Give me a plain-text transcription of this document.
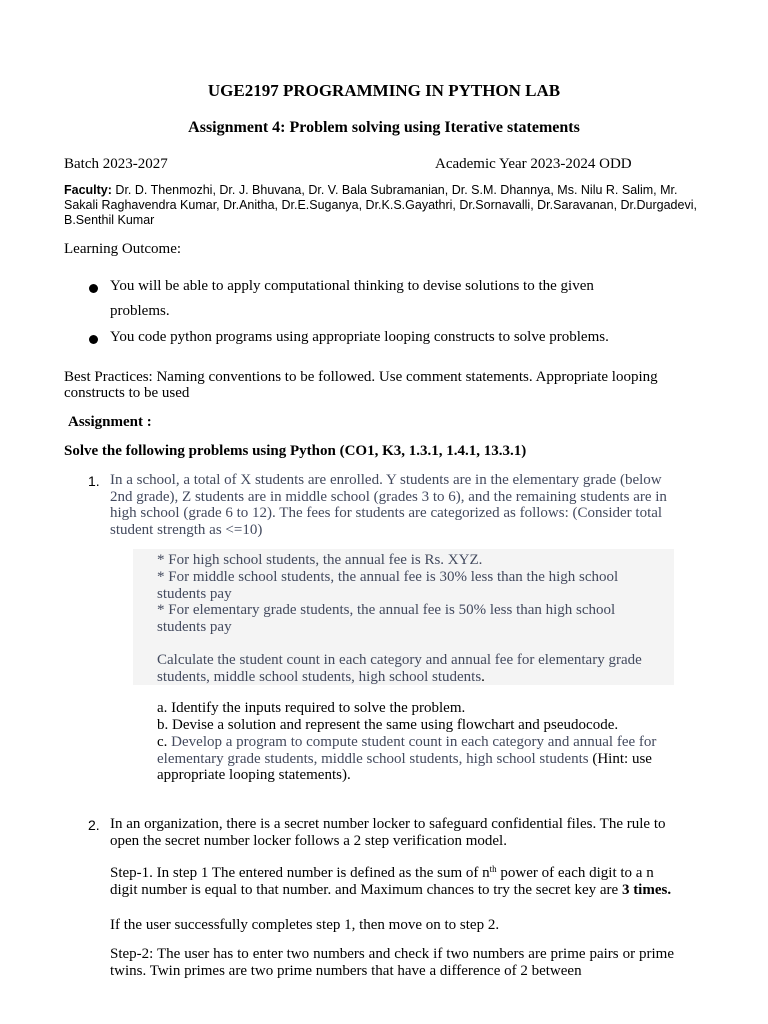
UGE2197 PROGRAMMING IN PYTHON LAB
Assignment 4: Problem solving using Iterative statements
Batch 2023-2027	Academic Year 2023-2024 ODD
Faculty: Dr. D. Thenmozhi, Dr. J. Bhuvana, Dr. V. Bala Subramanian, Dr. S.M. Dhannya, Ms. Nilu R. Salim, Mr. Sakali Raghavendra Kumar, Dr.Anitha, Dr.E.Suganya, Dr.K.S.Gayathri, Dr.Sornavalli, Dr.Saravanan, Dr.Durgadevi, B.Senthil Kumar
Learning Outcome:
You will be able to apply computational thinking to devise solutions to the given
problems.
You code python programs using appropriate looping constructs to solve problems.
Best Practices: Naming conventions to be followed. Use comment statements. Appropriate looping constructs to be used
Assignment :
Solve the following problems using Python (CO1, K3, 1.3.1, 1.4.1, 13.3.1)
1. In a school, a total of X students are enrolled. Y students are in the elementary grade (below 2nd grade), Z students are in middle school (grades 3 to 6), and the remaining students are in high school (grade 6 to 12). The fees for students are categorized as follows: (Consider total student strength as <=10)
* For high school students, the annual fee is Rs. XYZ.
* For middle school students, the annual fee is 30% less than the high school students pay
* For elementary grade students, the annual fee is 50% less than high school students pay
Calculate the student count in each category and annual fee for elementary grade students, middle school students, high school students.
a. Identify the inputs required to solve the problem.
b. Devise a solution and represent the same using flowchart and pseudocode.
c. Develop a program to compute student count in each category and annual fee for elementary grade students, middle school students, high school students (Hint: use appropriate looping statements).
2. In an organization, there is a secret number locker to safeguard confidential files. The rule to open the secret number locker follows a 2 step verification model.
Step-1. In step 1 The entered number is defined as the sum of $n^{th}$ power of each digit to a n digit number is equal to that number. and Maximum chances to try the secret key are 3 times.
If the user successfully completes step 1, then move on to step 2.
Step-2: The user has to enter two numbers and check if two numbers are prime pairs or prime twins. Twin primes are two prime numbers that have a difference of 2 between
